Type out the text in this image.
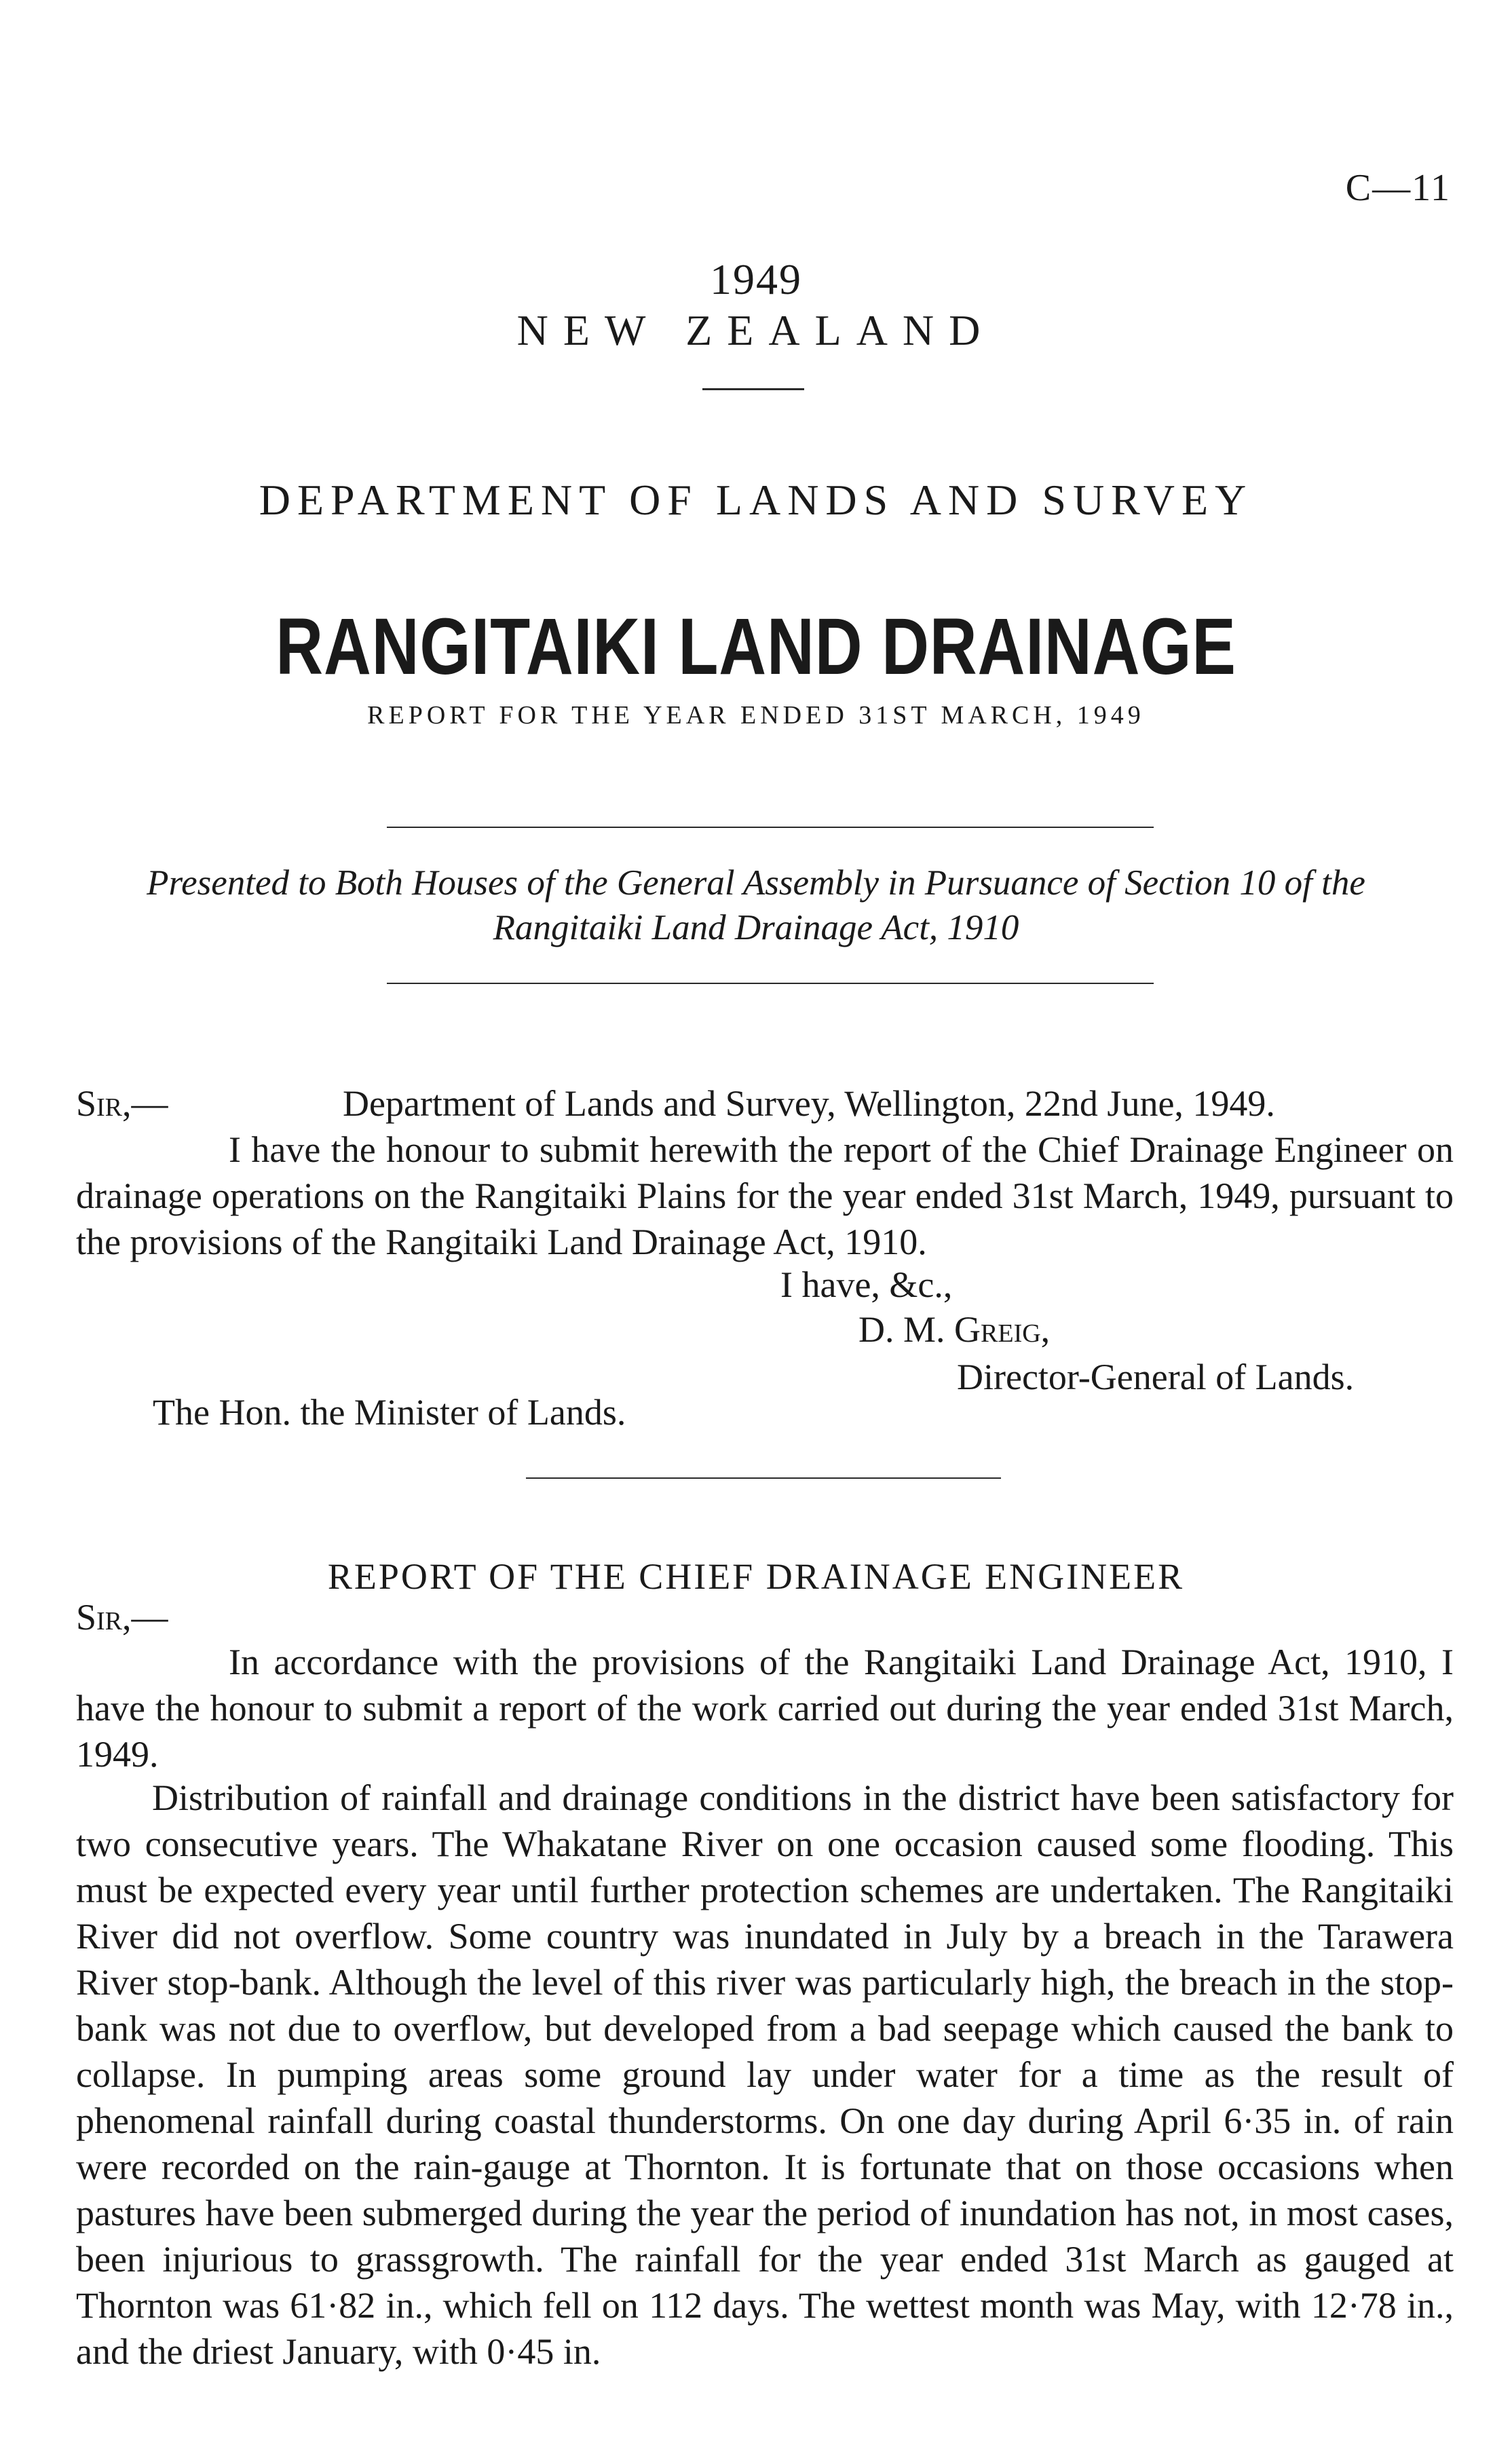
C—11
1949
NEW ZEALAND
DEPARTMENT OF LANDS AND SURVEY
RANGITAIKI LAND DRAINAGE
REPORT FOR THE YEAR ENDED 31ST MARCH, 1949
Presented to Both Houses of the General Assembly in Pursuance of Section 10 of the
Rangitaiki Land Drainage Act, 1910
Sir,—	Department of Lands and Survey, Wellington, 22nd June, 1949.
I have the honour to submit herewith the report of the Chief Drainage Engineer on drainage operations on the Rangitaiki Plains for the year ended 31st March, 1949, pursuant to the provisions of the Rangitaiki Land Drainage Act, 1910.
I have, &c.,
D. M. Greig,
Director-General of Lands.
The Hon. the Minister of Lands.
REPORT OF THE CHIEF DRAINAGE ENGINEER
Sir,—
In accordance with the provisions of the Rangitaiki Land Drainage Act, 1910, I have the honour to submit a report of the work carried out during the year ended 31st March, 1949.
Distribution of rainfall and drainage conditions in the district have been satisfactory for two consecutive years. The Whakatane River on one occasion caused some flooding. This must be expected every year until further protection schemes are undertaken. The Rangitaiki River did not overflow. Some country was inundated in July by a breach in the Tarawera River stop-bank. Although the level of this river was particularly high, the breach in the stop-bank was not due to overflow, but developed from a bad seepage which caused the bank to collapse. In pumping areas some ground lay under water for a time as the result of phenomenal rainfall during coastal thunderstorms. On one day during April 6·35 in. of rain were recorded on the rain-gauge at Thornton. It is fortunate that on those occasions when pastures have been submerged during the year the period of inundation has not, in most cases, been injurious to grassgrowth. The rainfall for the year ended 31st March as gauged at Thornton was 61·82 in., which fell on 112 days. The wettest month was May, with 12·78 in., and the driest January, with 0·45 in.
